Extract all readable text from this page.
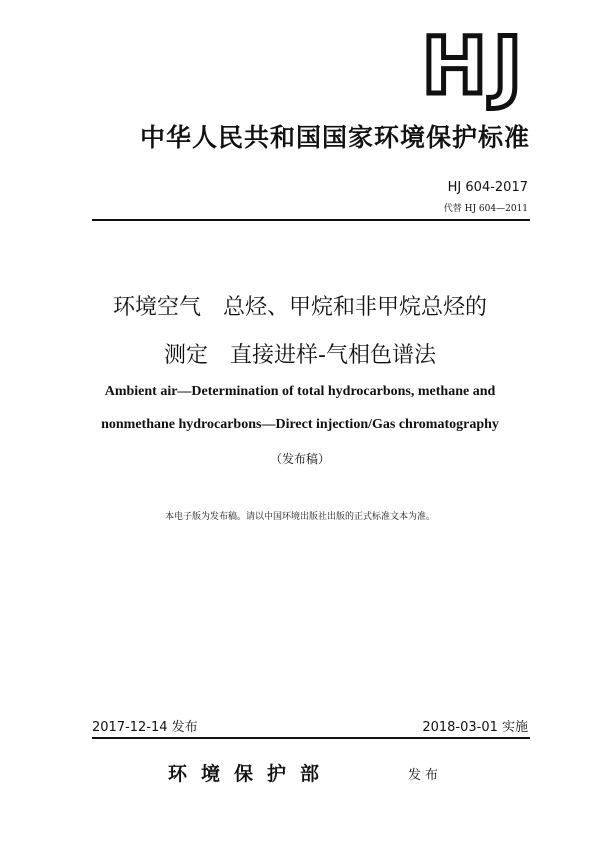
HJ
中华人民共和国国家环境保护标准
HJ 604-2017
代替 HJ 604—2011
环境空气　总烃、甲烷和非甲烷总烃的
测定　直接进样-气相色谱法
Ambient air—Determination of total hydrocarbons, methane and
nonmethane hydrocarbons—Direct injection/Gas chromatography
（发布稿）
本电子版为发布稿。请以中国环境出版社出版的正式标准文本为准。
2017-12-14 发布	2018-03-01 实施
环境保护部	发布
